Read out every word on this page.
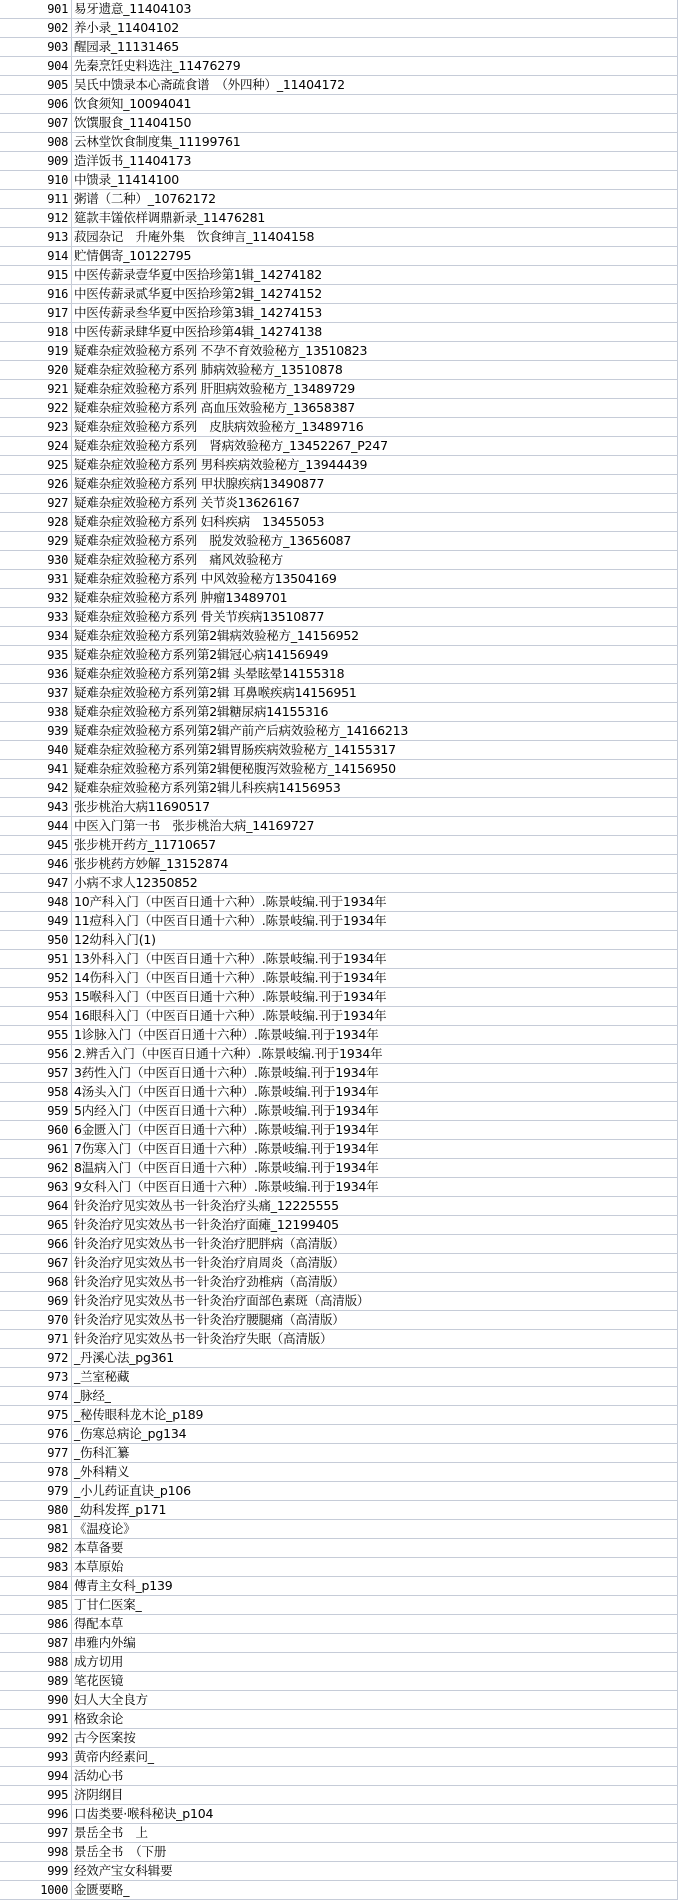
901 易牙遗意_11404103
902 养小录_11404102
903 醒园录_11131465
904 先秦烹饪史料选注_11476279
905 吴氏中馈录本心斋疏食谱　（外四种）_11404172
906 饮食须知_10094041
907 饮馔服食_11404150
908 云林堂饮食制度集_11199761
909 造洋饭书_11404173
910 中馈录_11414100
911 粥谱（二种）_10762172
912 筵款丰馐依样调鼎新录_11476281
913 菽园杂记　升庵外集　饮食绅言_11404158
914 贮情偶寄_10122795
915 中医传薪录壹华夏中医拾珍第1辑_14274182
916 中医传薪录贰华夏中医拾珍第2辑_14274152
917 中医传薪录叁华夏中医拾珍第3辑_14274153
918 中医传薪录肆华夏中医拾珍第4辑_14274138
919 疑难杂症效验秘方系列 不孕不育效验秘方_13510823
920 疑难杂症效验秘方系列 肺病效验秘方_13510878
921 疑难杂症效验秘方系列 肝胆病效验秘方_13489729
922 疑难杂症效验秘方系列 高血压效验秘方_13658387
923 疑难杂症效验秘方系列　皮肤病效验秘方_13489716
924 疑难杂症效验秘方系列　肾病效验秘方_13452267_P247
925 疑难杂症效验秘方系列 男科疾病效验秘方_13944439
926 疑难杂症效验秘方系列 甲状腺疾病13490877
927 疑难杂症效验秘方系列 关节炎13626167
928 疑难杂症效验秘方系列 妇科疾病　13455053
929 疑难杂症效验秘方系列　脱发效验秘方_13656087
930 疑难杂症效验秘方系列　痛风效验秘方
931 疑难杂症效验秘方系列 中风效验秘方13504169
932 疑难杂症效验秘方系列 肿瘤13489701
933 疑难杂症效验秘方系列 骨关节疾病13510877
934 疑难杂症效验秘方系列第2辑病效验秘方_14156952
935 疑难杂症效验秘方系列第2辑冠心病14156949
936 疑难杂症效验秘方系列第2辑 头晕眩晕14155318
937 疑难杂症效验秘方系列第2辑 耳鼻喉疾病14156951
938 疑难杂症效验秘方系列第2辑糖尿病14155316
939 疑难杂症效验秘方系列第2辑产前产后病效验秘方_14166213
940 疑难杂症效验秘方系列第2辑胃肠疾病效验秘方_14155317
941 疑难杂症效验秘方系列第2辑便秘腹泻效验秘方_14156950
942 疑难杂症效验秘方系列第2辑儿科疾病14156953
943 张步桃治大病11690517
944 中医入门第一书　张步桃治大病_14169727
945 张步桃开药方_11710657
946 张步桃药方妙解_13152874
947 小病不求人12350852
948 10产科入门（中医百日通十六种）.陈景岐编.刊于1934年
949 11痘科入门（中医百日通十六种）.陈景岐编.刊于1934年
950 12幼科入门(1)
951 13外科入门（中医百日通十六种）.陈景岐编.刊于1934年
952 14伤科入门（中医百日通十六种）.陈景岐编.刊于1934年
953 15喉科入门（中医百日通十六种）.陈景岐编.刊于1934年
954 16眼科入门（中医百日通十六种）.陈景岐编.刊于1934年
955 1诊脉入门（中医百日通十六种）.陈景岐编.刊于1934年
956 2.辨舌入门（中医百日通十六种）.陈景岐编.刊于1934年
957 3药性入门（中医百日通十六种）.陈景岐编.刊于1934年
958 4汤头入门（中医百日通十六种）.陈景岐编.刊于1934年
959 5内经入门（中医百日通十六种）.陈景岐编.刊于1934年
960 6金匮入门（中医百日通十六种）.陈景岐编.刊于1934年
961 7伤寒入门（中医百日通十六种）.陈景岐编.刊于1934年
962 8温病入门（中医百日通十六种）.陈景岐编.刊于1934年
963 9女科入门（中医百日通十六种）.陈景岐编.刊于1934年
964 针灸治疗见实效丛书一针灸治疗头痛_12225555
965 针灸治疗见实效丛书一针灸治疗面瘫_12199405
966 针灸治疗见实效丛书一针灸治疗肥胖病（高清版）
967 针灸治疗见实效丛书一针灸治疗肩周炎（高清版）
968 针灸治疗见实效丛书一针灸治疗劲椎病（高清版）
969 针灸治疗见实效丛书一针灸治疗面部色素斑（高清版）
970 针灸治疗见实效丛书一针灸治疗腰腿痛（高清版）
971 针灸治疗见实效丛书一针灸治疗失眠（高清版）
972 _丹溪心法_pg361
973 _兰室秘藏
974 _脉经_
975 _秘传眼科龙木论_p189
976 _伤寒总病论_pg134
977 _伤科汇纂
978 _外科精义
979 _小儿药证直诀_p106
980 _幼科发挥_p171
981 《温疫论》
982 本草备要
983 本草原始
984 傅青主女科_p139
985 丁甘仁医案_
986 得配本草
987 串雅内外编
988 成方切用
989 笔花医镜
990 妇人大全良方
991 格致余论
992 古今医案按
993 黄帝内经素问_
994 活幼心书
995 济阴纲目
996 口齿类要·喉科秘诀_p104
997 景岳全书　上
998 景岳全书　（下册
999 经效产宝女科辑要
1000 金匮要略_
